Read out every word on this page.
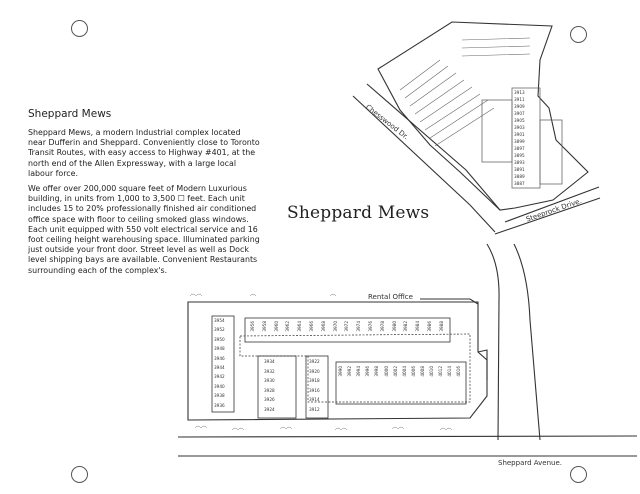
Sheppard Mews

Sheppard Mews, a modern Industrial complex located near Dufferin and Sheppard. Conveniently close to Toronto Transit Routes, with easy access to Highway #401, at the north end of the Allen Expressway, with a large local labour force.

We offer over 200,000 square feet of Modern Luxurious building, in units from 1,000 to 3,500 ☐ feet. Each unit includes 15 to 20% professionally finished air conditioned office space with floor to ceiling smoked glass windows. Each unit equipped with 550 volt electrical service and 16 foot ceiling height warehousing space. Illuminated parking just outside your front door. Street level as well as Dock level shipping bays are available. Convenient Restaurants surrounding each of the complex's.

Sheppard Mews
Rental Office
Sheppard Avenue.
Steeprock Drive.
Chesswood Dr.
3956 3958 3960 3962 3964 3966 3968 3970 3972 3974 3976 3978 3980 3982 3984 3986 3988
3954
3952
3950
3948
3946
3944
3942
3940
3938
3936
3934
3932
3930
3928
3926
3924
3922
3920
3918
3916
3914
3912
3990 3992 3994 3996 3998 4000 4002 4004 4006 4008 4010 4012 4014 4016
3913
3911
3909
3907
3905
3903
3901
3899
3897
3895
3893
3891
3889
3887
